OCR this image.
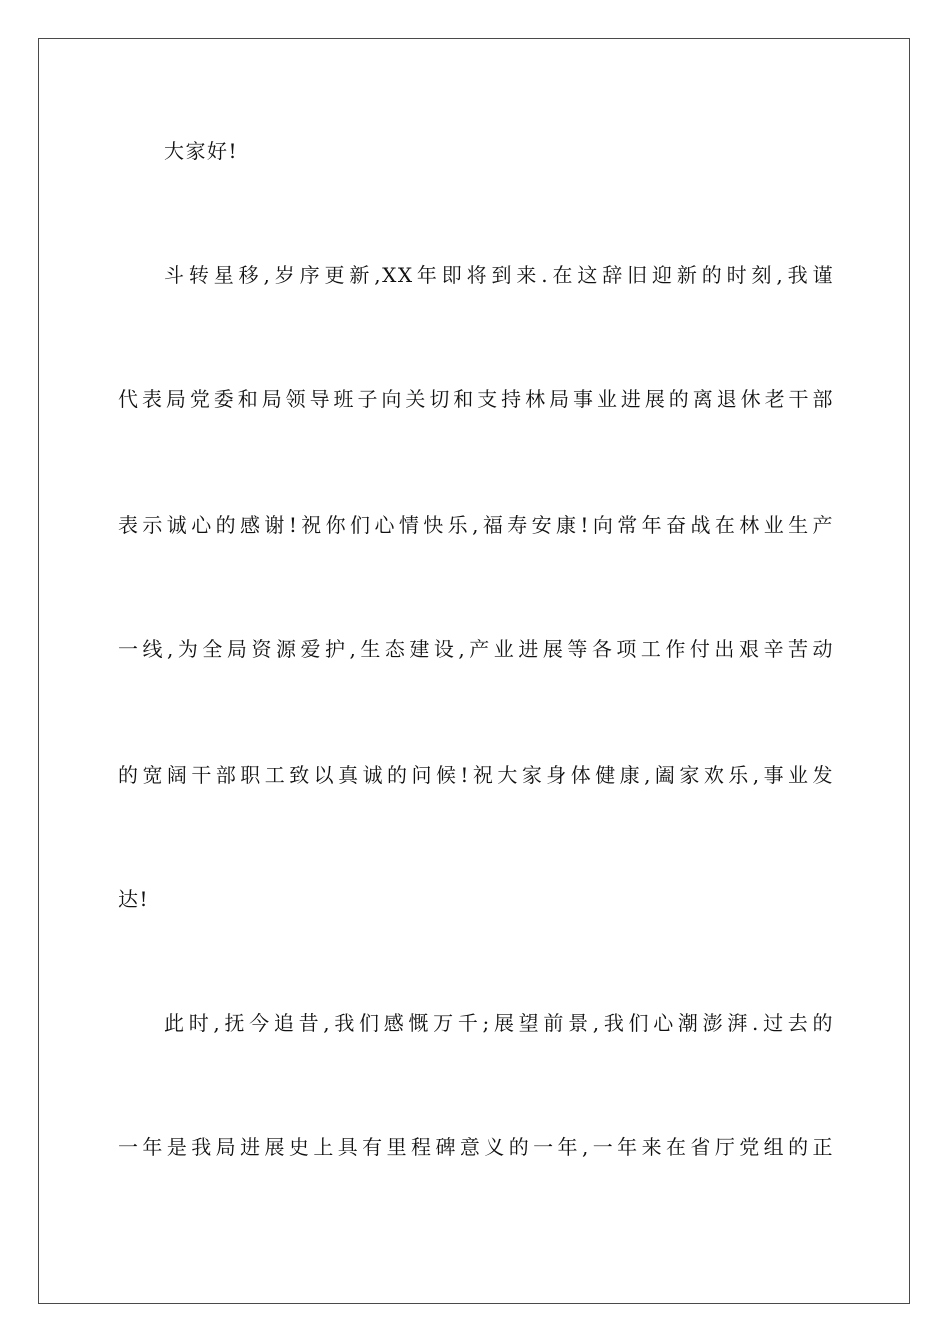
大家好!
斗转星移,岁序更新,XX年即将到来.在这辞旧迎新的时刻,我谨
代表局党委和局领导班子向关切和支持林局事业进展的离退休老干部
表示诚心的感谢!祝你们心情快乐,福寿安康!向常年奋战在林业生产
一线,为全局资源爱护,生态建设,产业进展等各项工作付出艰辛苦动
的宽阔干部职工致以真诚的问候!祝大家身体健康,阖家欢乐,事业发
达!
此时,抚今追昔,我们感慨万千;展望前景,我们心潮澎湃.过去的
一年是我局进展史上具有里程碑意义的一年,一年来在省厅党组的正
